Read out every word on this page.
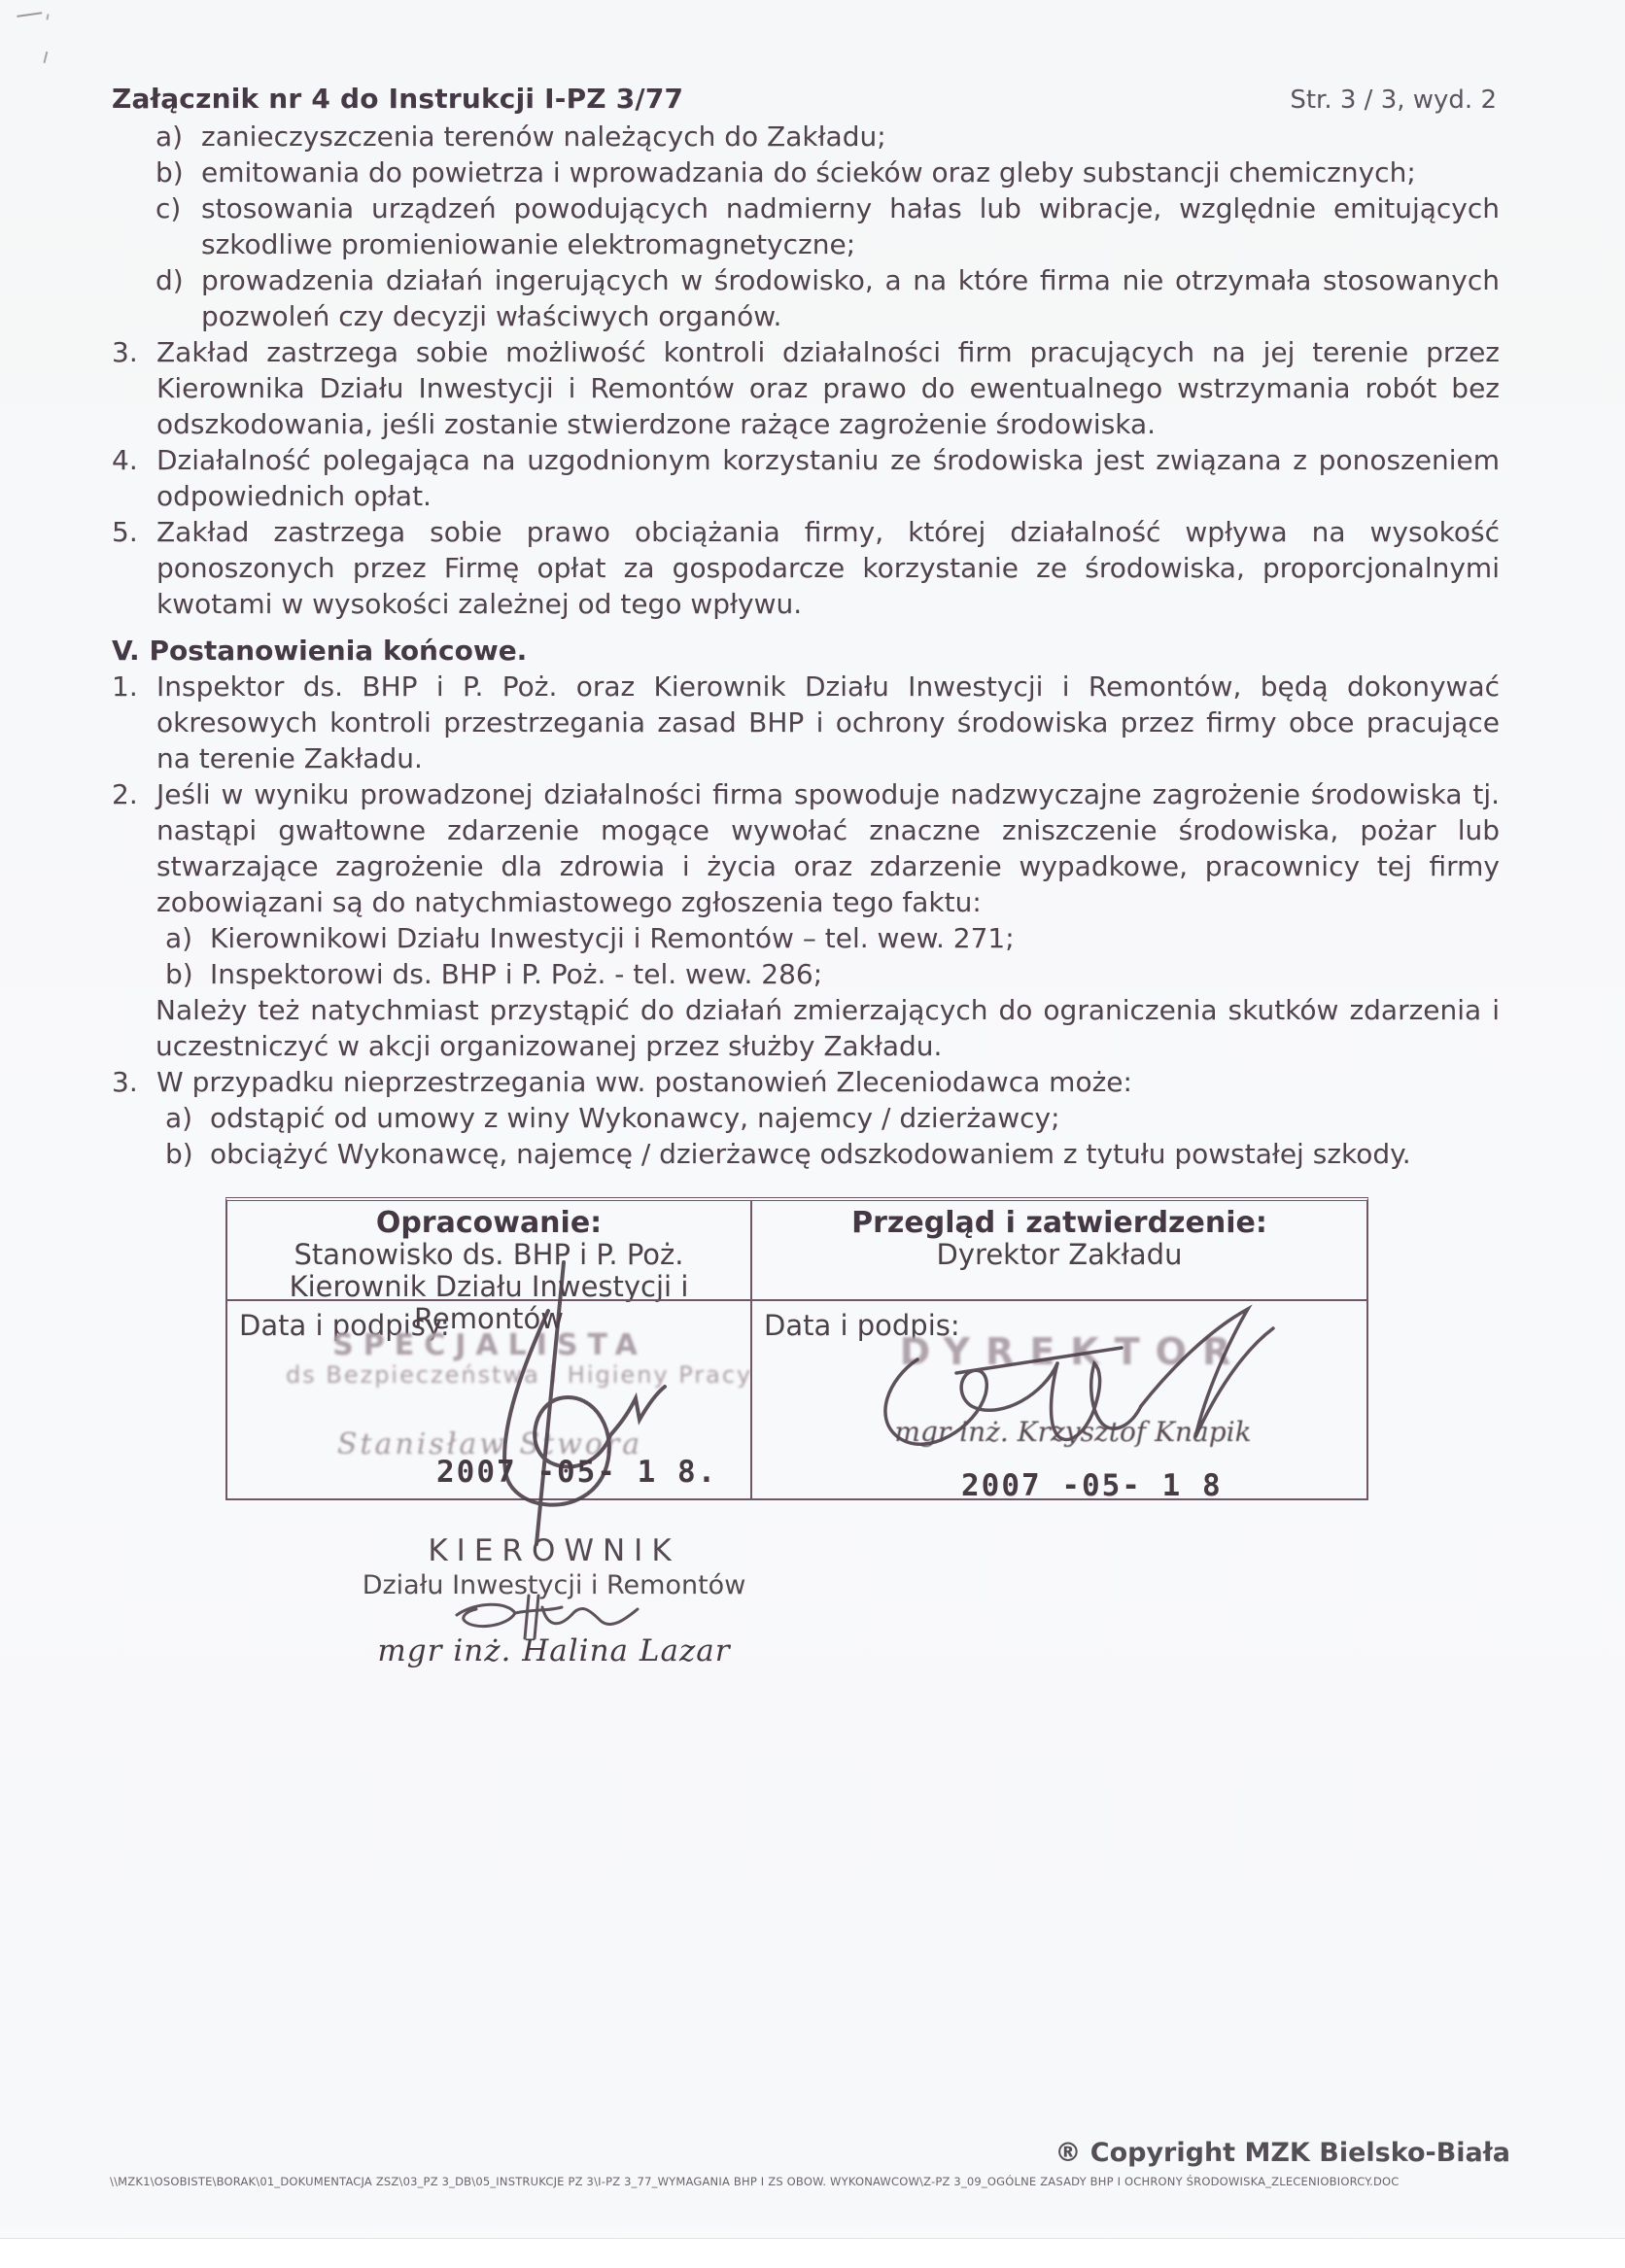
Załącznik nr 4 do Instrukcji I-PZ 3/77	Str. 3 / 3, wyd. 2
a) zanieczyszczenia terenów należących do Zakładu;
b) emitowania do powietrza i wprowadzania do ścieków oraz gleby substancji chemicznych;
c) stosowania urządzeń powodujących nadmierny hałas lub wibracje, względnie emitujących szkodliwe promieniowanie elektromagnetyczne;
d) prowadzenia działań ingerujących w środowisko, a na które firma nie otrzymała stosowanych pozwoleń czy decyzji właściwych organów.
3. Zakład zastrzega sobie możliwość kontroli działalności firm pracujących na jej terenie przez Kierownika Działu Inwestycji i Remontów oraz prawo do ewentualnego wstrzymania robót bez odszkodowania, jeśli zostanie stwierdzone rażące zagrożenie środowiska.
4. Działalność polegająca na uzgodnionym korzystaniu ze środowiska jest związana z ponoszeniem odpowiednich opłat.
5. Zakład zastrzega sobie prawo obciążania firmy, której działalność wpływa na wysokość ponoszonych przez Firmę opłat za gospodarcze korzystanie ze środowiska, proporcjonalnymi kwotami w wysokości zależnej od tego wpływu.
V. Postanowienia końcowe.
1. Inspektor ds. BHP i P. Poż. oraz Kierownik Działu Inwestycji i Remontów, będą dokonywać okresowych kontroli przestrzegania zasad BHP i ochrony środowiska przez firmy obce pracujące na terenie Zakładu.
2. Jeśli w wyniku prowadzonej działalności firma spowoduje nadzwyczajne zagrożenie środowiska tj. nastąpi gwałtowne zdarzenie mogące wywołać znaczne zniszczenie środowiska, pożar lub stwarzające zagrożenie dla zdrowia i życia oraz zdarzenie wypadkowe, pracownicy tej firmy zobowiązani są do natychmiastowego zgłoszenia tego faktu:
a) Kierownikowi Działu Inwestycji i Remontów – tel. wew. 271;
b) Inspektorowi ds. BHP i P. Poż. - tel. wew. 286;
Należy też natychmiast przystąpić do działań zmierzających do ograniczenia skutków zdarzenia i uczestniczyć w akcji organizowanej przez służby Zakładu.
3. W przypadku nieprzestrzegania ww. postanowień Zleceniodawca może:
a) odstąpić od umowy z winy Wykonawcy, najemcy / dzierżawcy;
b) obciążyć Wykonawcę, najemcę / dzierżawcę odszkodowaniem z tytułu powstałej szkody.
Opracowanie:
Stanowisko ds. BHP i P. Poż.
Kierownik Działu Inwestycji i Remontów
Przegląd i zatwierdzenie:
Dyrektor Zakładu
Data i podpisy:
SPECJALISTA
ds Bezpieczeństwa i Higieny Pracy
Stanisław Stwora
2007 -05- 1 8.
Data i podpis:
DYREKTOR
mgr inż. Krzysztof Knapik
2007 -05- 1 8
KIEROWNIK
Działu Inwestycji i Remontów
mgr inż. Halina Lazar
\\MZK1\OSOBISTE\BORAK\01_DOKUMENTACJA ZSZ\03_PZ 3_DB\05_INSTRUKCJE PZ 3\I-PZ 3_77_WYMAGANIA BHP I ZS OBOW. WYKONAWCOW\Z-PZ 3_09_OGÓLNE ZASADY BHP I OCHRONY ŚRODOWISKA_ZLECENIOBIORCY.DOC
® Copyright MZK Bielsko-Biała
